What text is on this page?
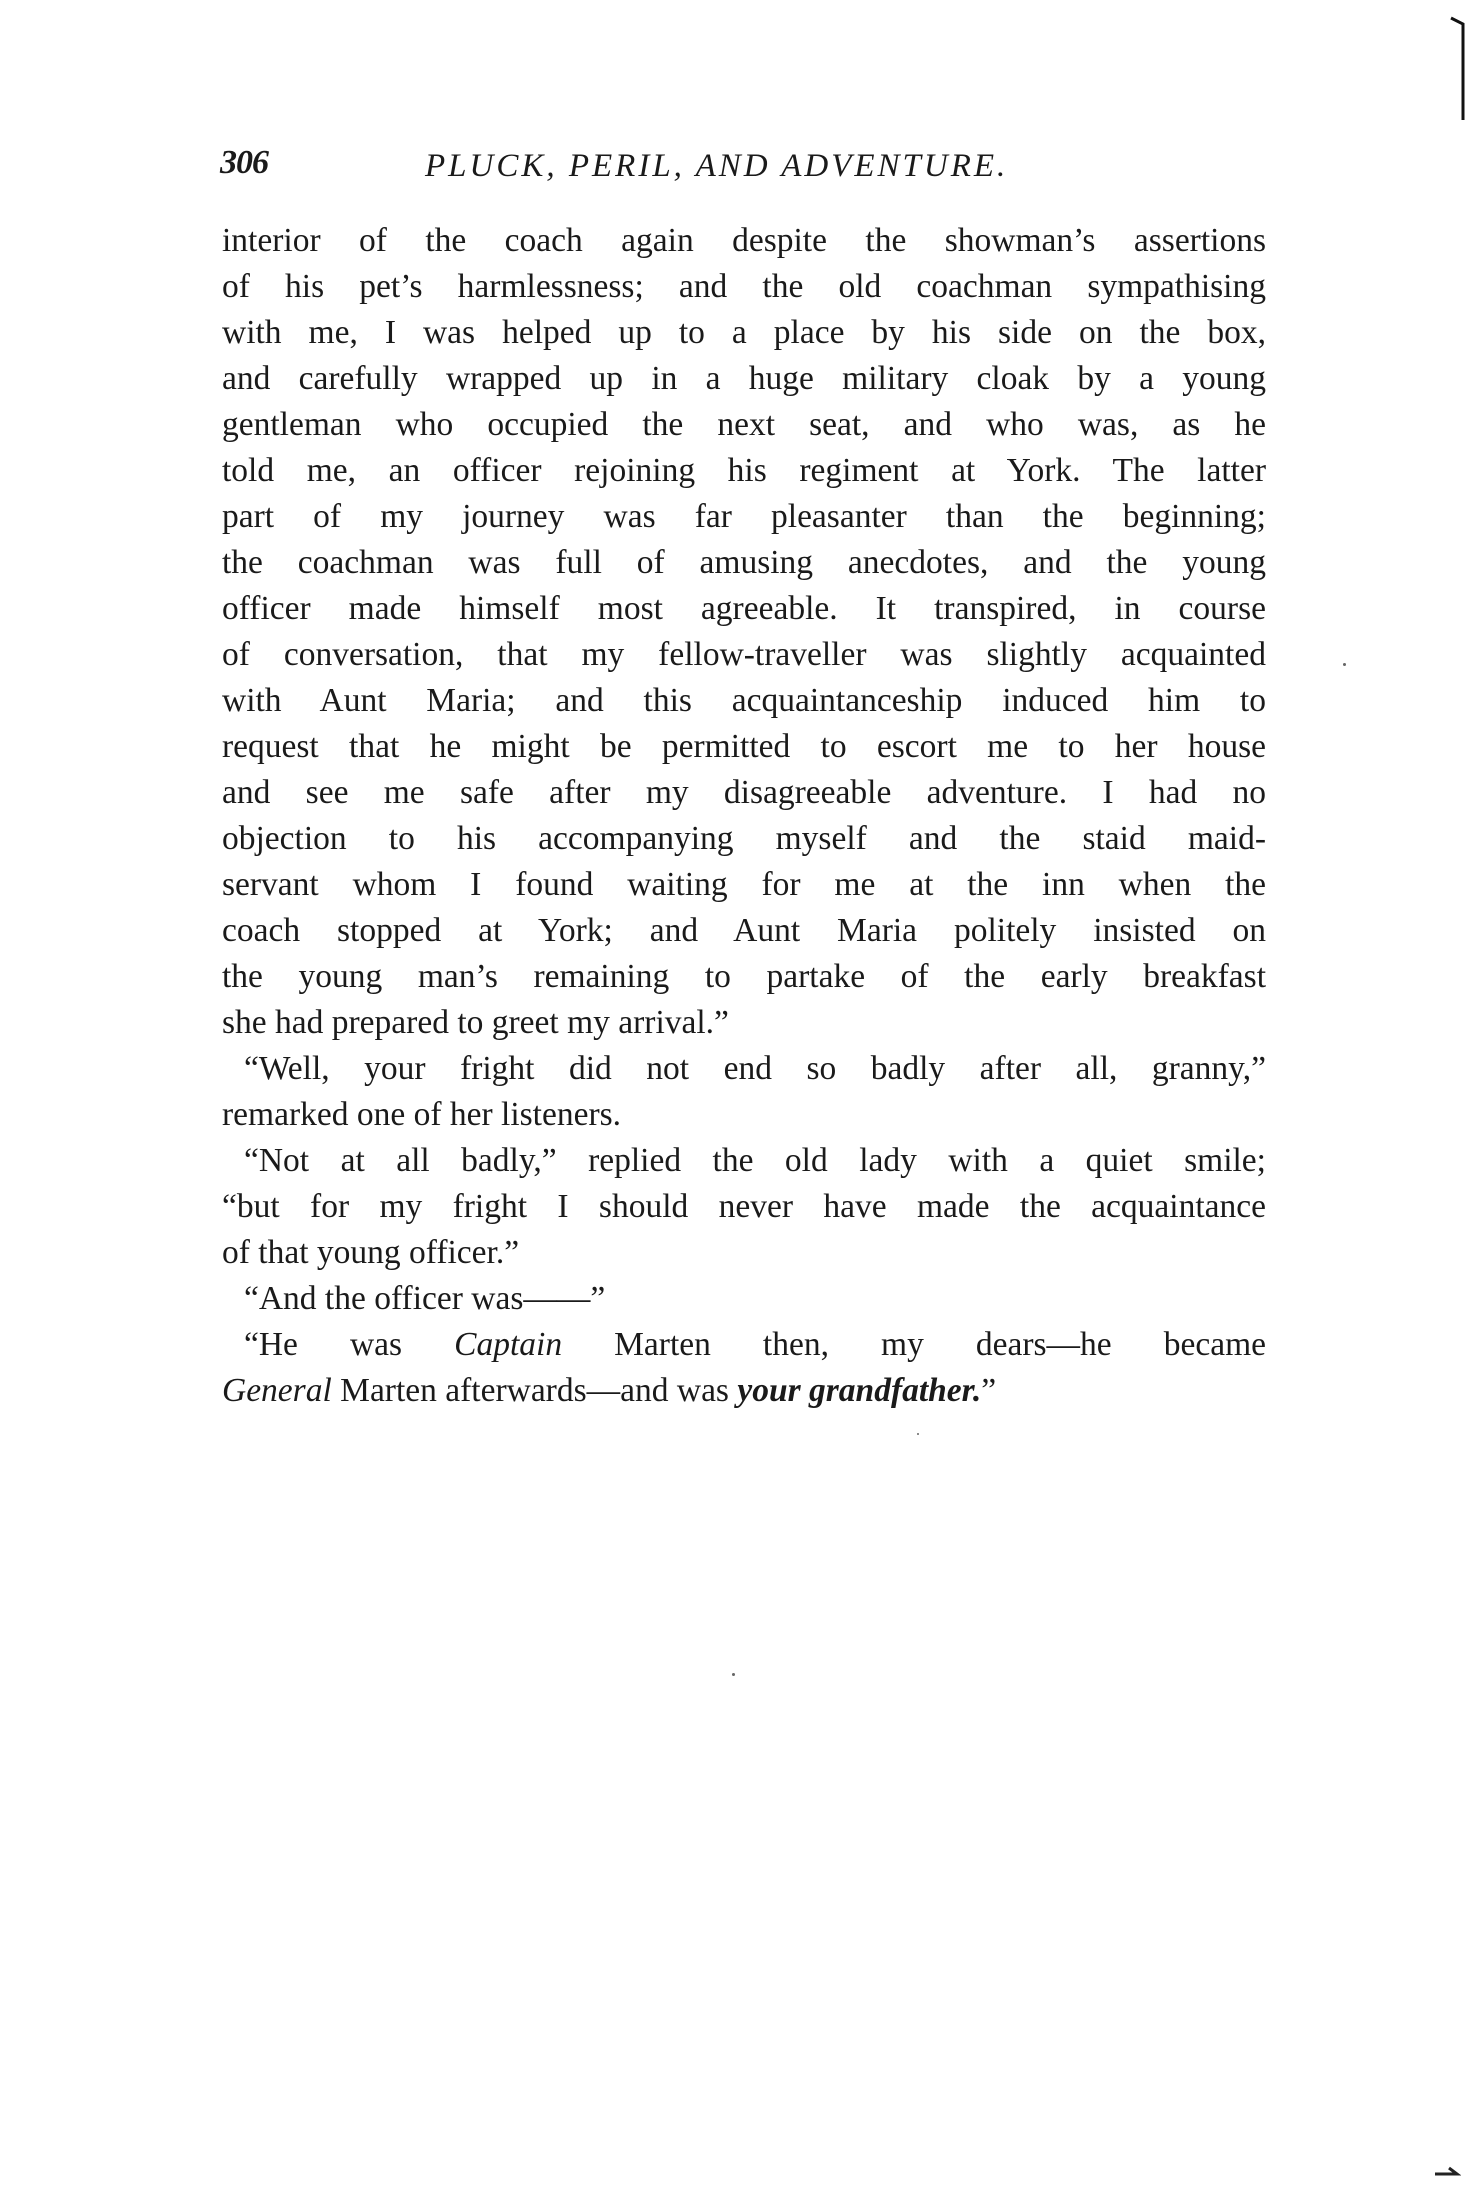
306	PLUCK, PERIL, AND ADVENTURE.
interior of the coach again despite the showman’s assertions
of his pet’s harmlessness; and the old coachman sympathising
with me, I was helped up to a place by his side on the box,
and carefully wrapped up in a huge military cloak by a young
gentleman who occupied the next seat, and who was, as he
told me, an officer rejoining his regiment at York. The latter
part of my journey was far pleasanter than the beginning;
the coachman was full of amusing anecdotes, and the young
officer made himself most agreeable. It transpired, in course
of conversation, that my fellow-traveller was slightly acquainted
with Aunt Maria; and this acquaintanceship induced him to
request that he might be permitted to escort me to her house
and see me safe after my disagreeable adventure. I had no
objection to his accompanying myself and the staid maid-
servant whom I found waiting for me at the inn when the
coach stopped at York; and Aunt Maria politely insisted on
the young man’s remaining to partake of the early breakfast
she had prepared to greet my arrival.”
“Well, your fright did not end so badly after all, granny,”
remarked one of her listeners.
“Not at all badly,” replied the old lady with a quiet smile;
“but for my fright I should never have made the acquaintance
of that young officer.”
“And the officer was——”
“He was Captain Marten then, my dears—he became
General Marten afterwards—and was your grandfather.”
